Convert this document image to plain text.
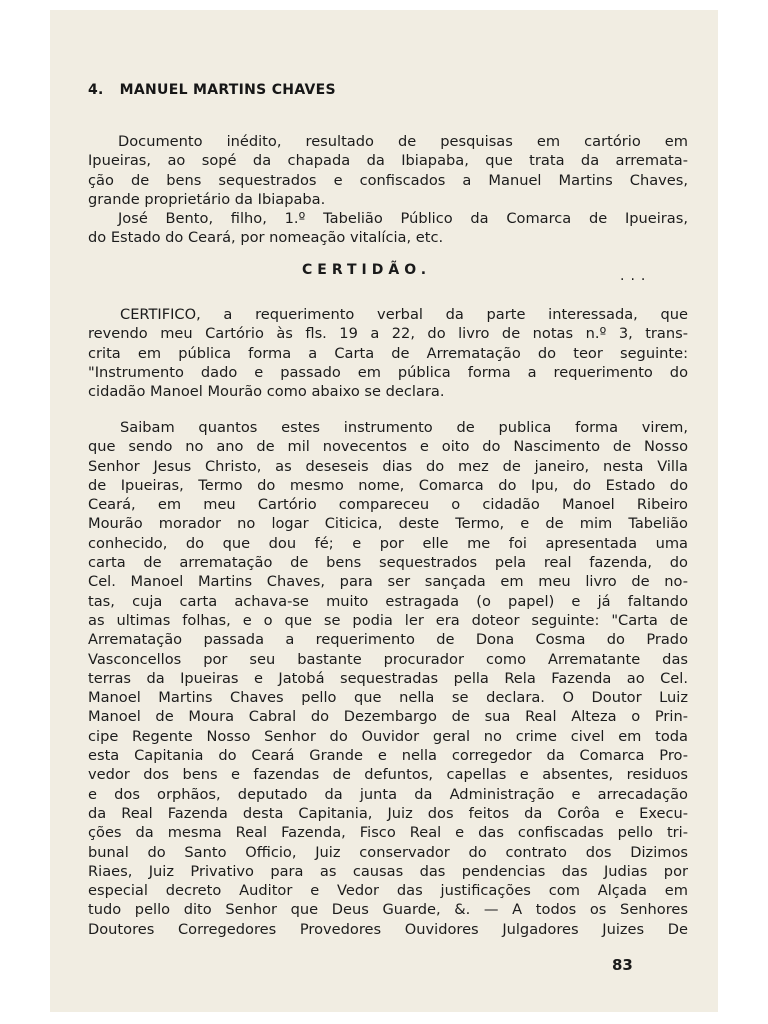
4. MANUEL MARTINS CHAVES
Documento inédito, resultado de pesquisas em cartório em
Ipueiras, ao sopé da chapada da Ibiapaba, que trata da arremata-
ção de bens sequestrados e confiscados a Manuel Martins Chaves,
grande proprietário da Ibiapaba.
José Bento, filho, 1.º Tabelião Público da Comarca de Ipueiras,
do Estado do Ceará, por nomeação vitalícia, etc.
CERTIDÃO.	...
CERTIFICO, a requerimento verbal da parte interessada, que
revendo meu Cartório às fls. 19 a 22, do livro de notas n.º 3, trans-
crita em pública forma a Carta de Arrematação do teor seguinte:
"Instrumento dado e passado em pública forma a requerimento do
cidadão Manoel Mourão como abaixo se declara.
Saibam quantos estes instrumento de publica forma virem,
que sendo no ano de mil novecentos e oito do Nascimento de Nosso
Senhor Jesus Christo, as deseseis dias do mez de janeiro, nesta Villa
de Ipueiras, Termo do mesmo nome, Comarca do Ipu, do Estado do
Ceará, em meu Cartório compareceu o cidadão Manoel Ribeiro
Mourão morador no logar Citicica, deste Termo, e de mim Tabelião
conhecido, do que dou fé; e por elle me foi apresentada uma
carta de arrematação de bens sequestrados pela real fazenda, do
Cel. Manoel Martins Chaves, para ser sançada em meu livro de no-
tas, cuja carta achava-se muito estragada (o papel) e já faltando
as ultimas folhas, e o que se podia ler era doteor seguinte: "Carta de
Arrematação passada a requerimento de Dona Cosma do Prado
Vasconcellos por seu bastante procurador como Arrematante das
terras da Ipueiras e Jatobá sequestradas pella Rela Fazenda ao Cel.
Manoel Martins Chaves pello que nella se declara. O Doutor Luiz
Manoel de Moura Cabral do Dezembargo de sua Real Alteza o Prin-
cipe Regente Nosso Senhor do Ouvidor geral no crime civel em toda
esta Capitania do Ceará Grande e nella corregedor da Comarca Pro-
vedor dos bens e fazendas de defuntos, capellas e absentes, residuos
e dos orphãos, deputado da junta da Administração e arrecadação
da Real Fazenda desta Capitania, Juiz dos feitos da Corôa e Execu-
ções da mesma Real Fazenda, Fisco Real e das confiscadas pello tri-
bunal do Santo Officio, Juiz conservador do contrato dos Dizimos
Riaes, Juiz Privativo para as causas das pendencias das Judias por
especial decreto Auditor e Vedor das justificações com Alçada em
tudo pello dito Senhor que Deus Guarde, &. — A todos os Senhores
Doutores Corregedores Provedores Ouvidores Julgadores Juizes De
83
